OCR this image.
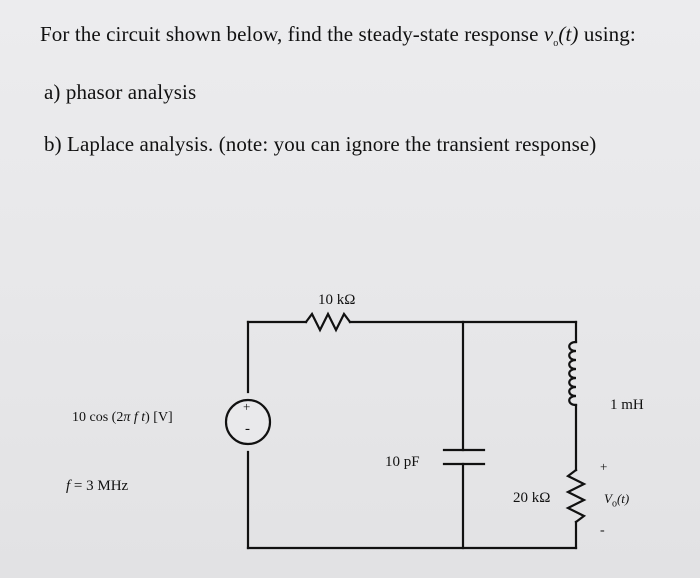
For the circuit shown below, find the steady-state response $v_o(t)$ using:
a) phasor analysis
b) Laplace analysis. (note: you can ignore the transient response)
+
-
10 kΩ
10 pF
20 kΩ
1 mH
10 cos (2π f t) [V]
f = 3 MHz
+
$V_o(t)$
-
